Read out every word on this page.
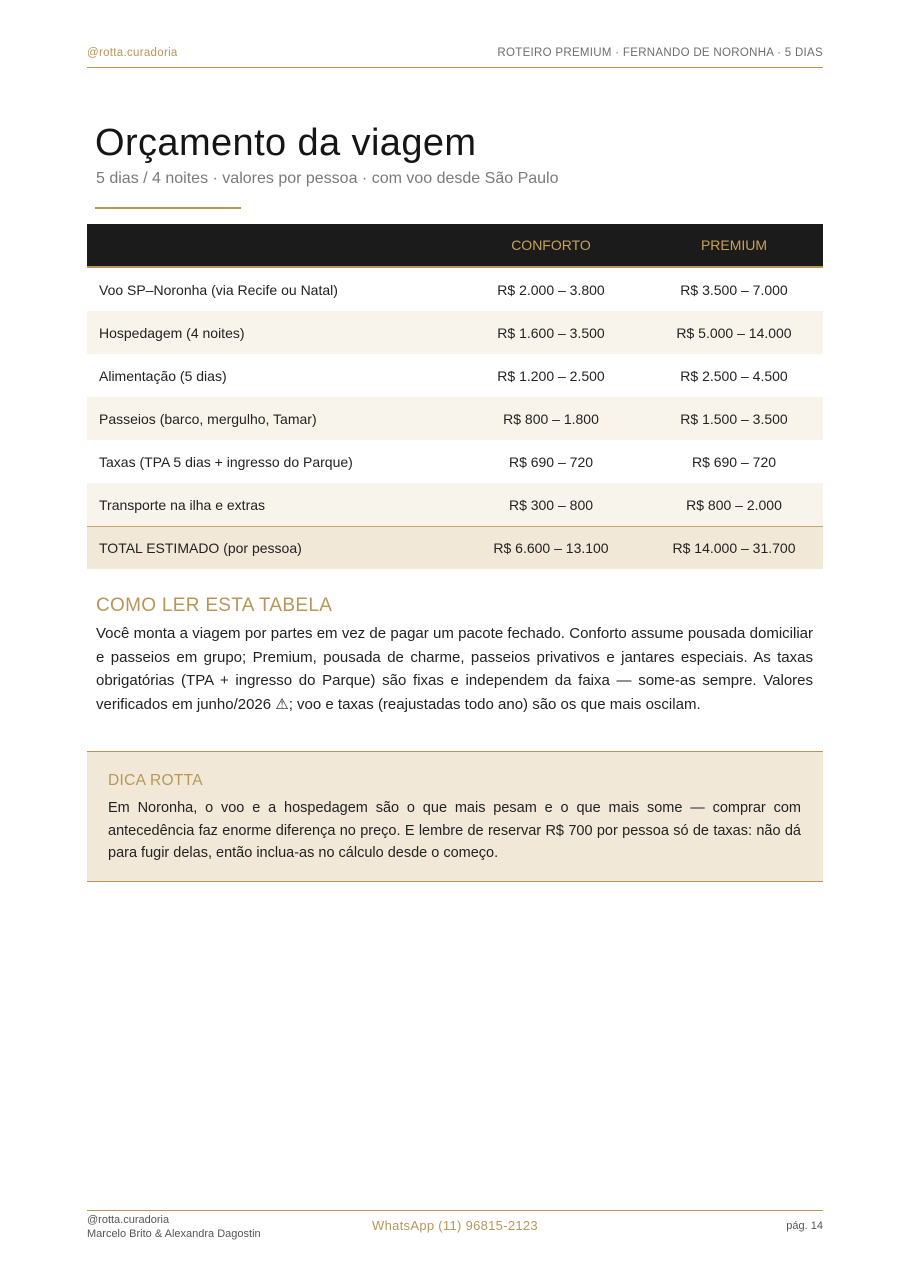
@rotta.curadoria	ROTEIRO PREMIUM · FERNANDO DE NORONHA · 5 DIAS
Orçamento da viagem

5 dias / 4 noites · valores por pessoa · com voo desde São Paulo

	CONFORTO	PREMIUM
Voo SP–Noronha (via Recife ou Natal)	R$ 2.000 – 3.800	R$ 3.500 – 7.000
Hospedagem (4 noites)	R$ 1.600 – 3.500	R$ 5.000 – 14.000
Alimentação (5 dias)	R$ 1.200 – 2.500	R$ 2.500 – 4.500
Passeios (barco, mergulho, Tamar)	R$ 800 – 1.800	R$ 1.500 – 3.500
Taxas (TPA 5 dias + ingresso do Parque)	R$ 690 – 720	R$ 690 – 720
Transporte na ilha e extras	R$ 300 – 800	R$ 800 – 2.000
TOTAL ESTIMADO (por pessoa)	R$ 6.600 – 13.100	R$ 14.000 – 31.700
COMO LER ESTA TABELA

Você monta a viagem por partes em vez de pagar um pacote fechado. Conforto assume pousada domiciliar e passeios em grupo; Premium, pousada de charme, passeios privativos e jantares especiais. As taxas obrigatórias (TPA + ingresso do Parque) são fixas e independem da faixa — some-as sempre. Valores verificados em junho/2026 ⚠; voo e taxas (reajustadas todo ano) são os que mais oscilam.

DICA ROTTA

Em Noronha, o voo e a hospedagem são o que mais pesam e o que mais some — comprar com antecedência faz enorme diferença no preço. E lembre de reservar R$ 700 por pessoa só de taxas: não dá para fugir delas, então inclua-as no cálculo desde o começo.

@rotta.curadoria
Marcelo Brito & Alexandra Dagostin
WhatsApp (11) 96815-2123	pág. 14
